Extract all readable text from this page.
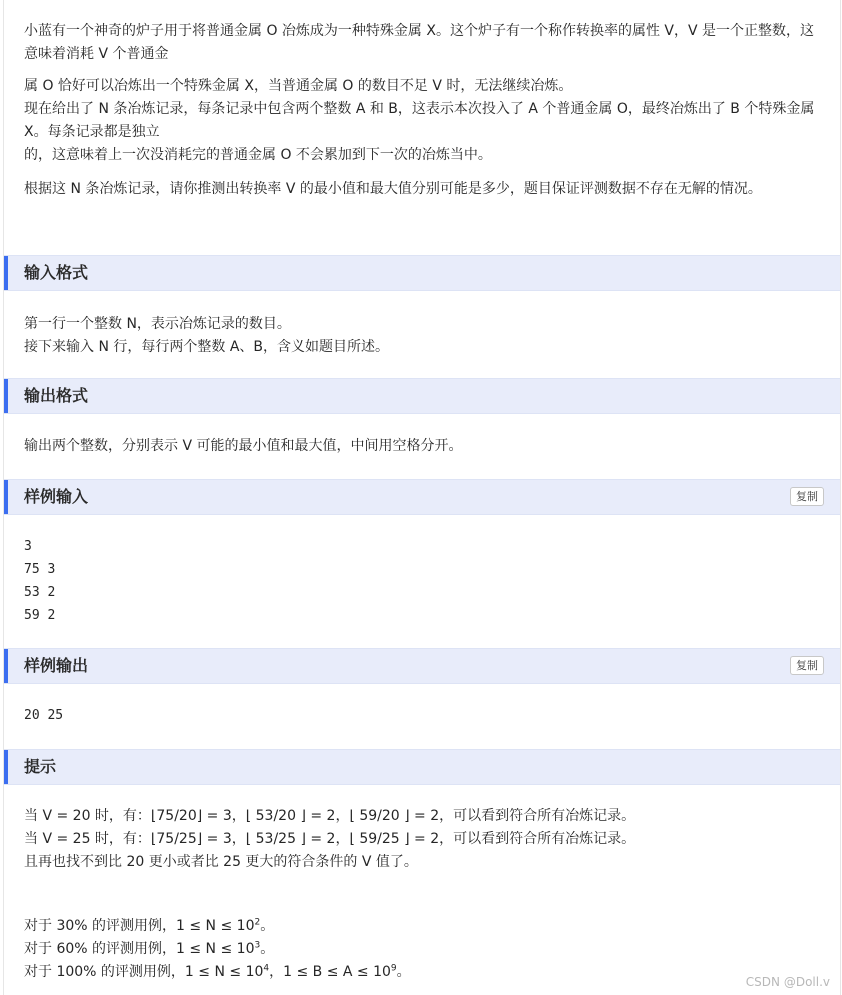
小蓝有一个神奇的炉子用于将普通金属 O 冶炼成为一种特殊金属 X。这个炉子有一个称作转换率的属性 V，V 是一个正整数，这意味着消耗 V 个普通金

属 O 恰好可以冶炼出一个特殊金属 X，当普通金属 O 的数目不足 V 时，无法继续冶炼。

现在给出了 N 条冶炼记录，每条记录中包含两个整数 A 和 B，这表示本次投入了 A 个普通金属 O，最终冶炼出了 B 个特殊金属 X。每条记录都是独立

的，这意味着上一次没消耗完的普通金属 O 不会累加到下一次的冶炼当中。

根据这 N 条冶炼记录，请你推测出转换率 V 的最小值和最大值分别可能是多少，题目保证评测数据不存在无解的情况。

输入格式

第一行一个整数 N，表示冶炼记录的数目。

接下来输入 N 行，每行两个整数 A、B，含义如题目所述。

输出格式

输出两个整数，分别表示 V 可能的最小值和最大值，中间用空格分开。

样例输入	复制

3

75 3

53 2

59 2

样例输出	复制

20 25

提示

当 V = 20 时，有：⌊75/20⌋ = 3，⌊ 53/20 ⌋ = 2，⌊ 59/20 ⌋ = 2，可以看到符合所有冶炼记录。

当 V = 25 时，有：⌊75/25⌋ = 3，⌊ 53/25 ⌋ = 2，⌊ 59/25 ⌋ = 2，可以看到符合所有冶炼记录。

且再也找不到比 20 更小或者比 25 更大的符合条件的 V 值了。

对于 30% 的评测用例，$1 \le N \le 10^2$。

对于 60% 的评测用例，$1 \le N \le 10^3$。

对于 100% 的评测用例，$1 \le N \le 10^4$，$1 \le B \le A \le 10^9$。

CSDN @Doll.v
